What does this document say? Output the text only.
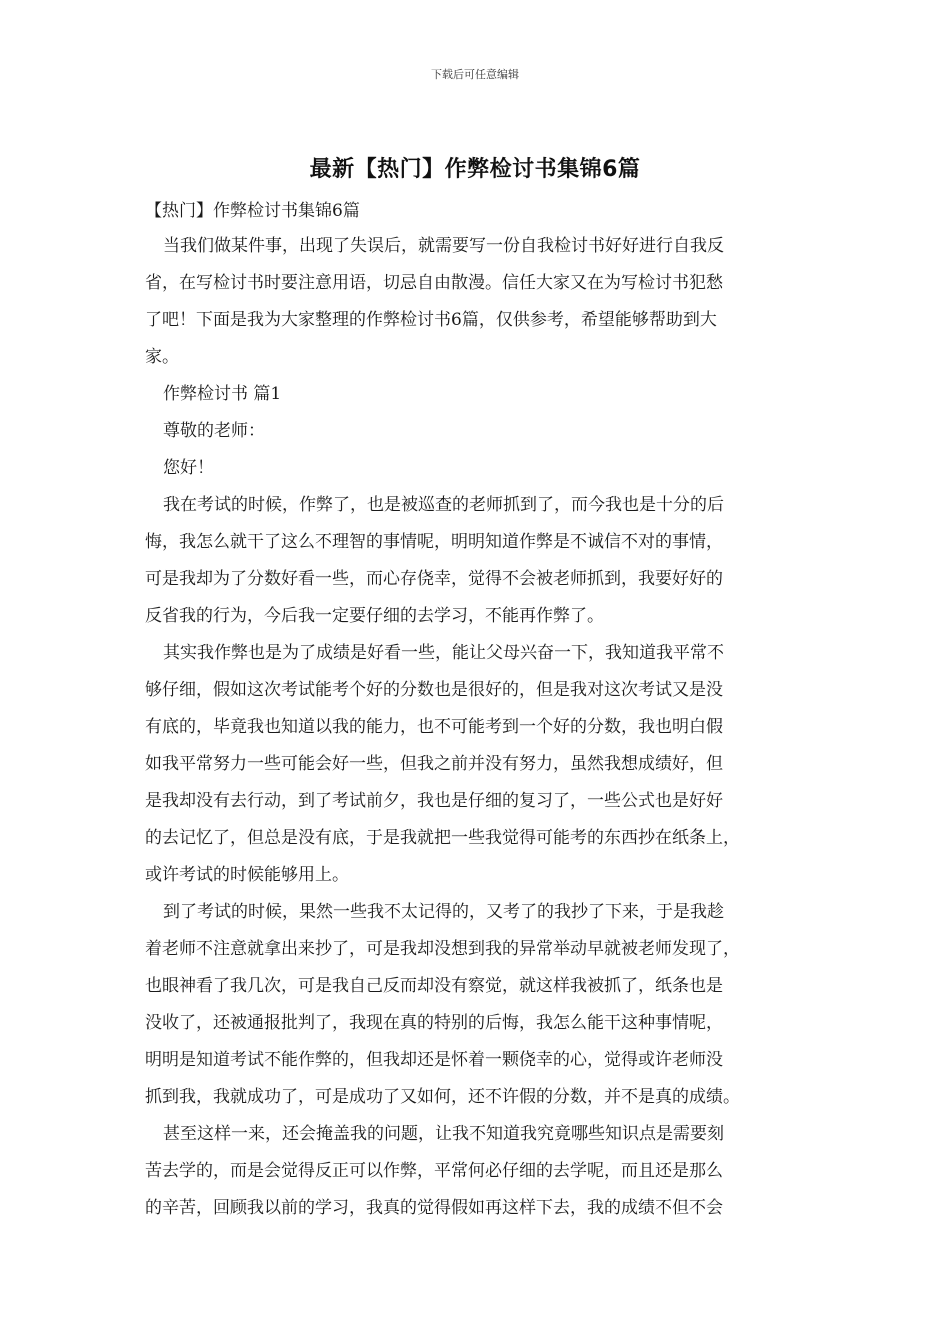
下载后可任意编辑
最新【热门】作弊检讨书集锦6篇
【热门】作弊检讨书集锦6篇
当我们做某件事，出现了失误后，就需要写一份自我检讨书好好进行自我反
省，在写检讨书时要注意用语，切忌自由散漫。信任大家又在为写检讨书犯愁
了吧！下面是我为大家整理的作弊检讨书6篇，仅供参考，希望能够帮助到大
家。
作弊检讨书 篇1
尊敬的老师：
您好！
我在考试的时候，作弊了，也是被巡查的老师抓到了，而今我也是十分的后
悔，我怎么就干了这么不理智的事情呢，明明知道作弊是不诚信不对的事情，
可是我却为了分数好看一些，而心存侥幸，觉得不会被老师抓到，我要好好的
反省我的行为，今后我一定要仔细的去学习，不能再作弊了。
其实我作弊也是为了成绩是好看一些，能让父母兴奋一下，我知道我平常不
够仔细，假如这次考试能考个好的分数也是很好的，但是我对这次考试又是没
有底的，毕竟我也知道以我的能力，也不可能考到一个好的分数，我也明白假
如我平常努力一些可能会好一些，但我之前并没有努力，虽然我想成绩好，但
是我却没有去行动，到了考试前夕，我也是仔细的复习了，一些公式也是好好
的去记忆了，但总是没有底，于是我就把一些我觉得可能考的东西抄在纸条上，
或许考试的时候能够用上。
到了考试的时候，果然一些我不太记得的，又考了的我抄了下来，于是我趁
着老师不注意就拿出来抄了，可是我却没想到我的异常举动早就被老师发现了，
也眼神看了我几次，可是我自己反而却没有察觉，就这样我被抓了，纸条也是
没收了，还被通报批判了，我现在真的特别的后悔，我怎么能干这种事情呢，
明明是知道考试不能作弊的，但我却还是怀着一颗侥幸的心，觉得或许老师没
抓到我，我就成功了，可是成功了又如何，还不许假的分数，并不是真的成绩。
甚至这样一来，还会掩盖我的问题，让我不知道我究竟哪些知识点是需要刻
苦去学的，而是会觉得反正可以作弊，平常何必仔细的去学呢，而且还是那么
的辛苦，回顾我以前的学习，我真的觉得假如再这样下去，我的成绩不但不会
